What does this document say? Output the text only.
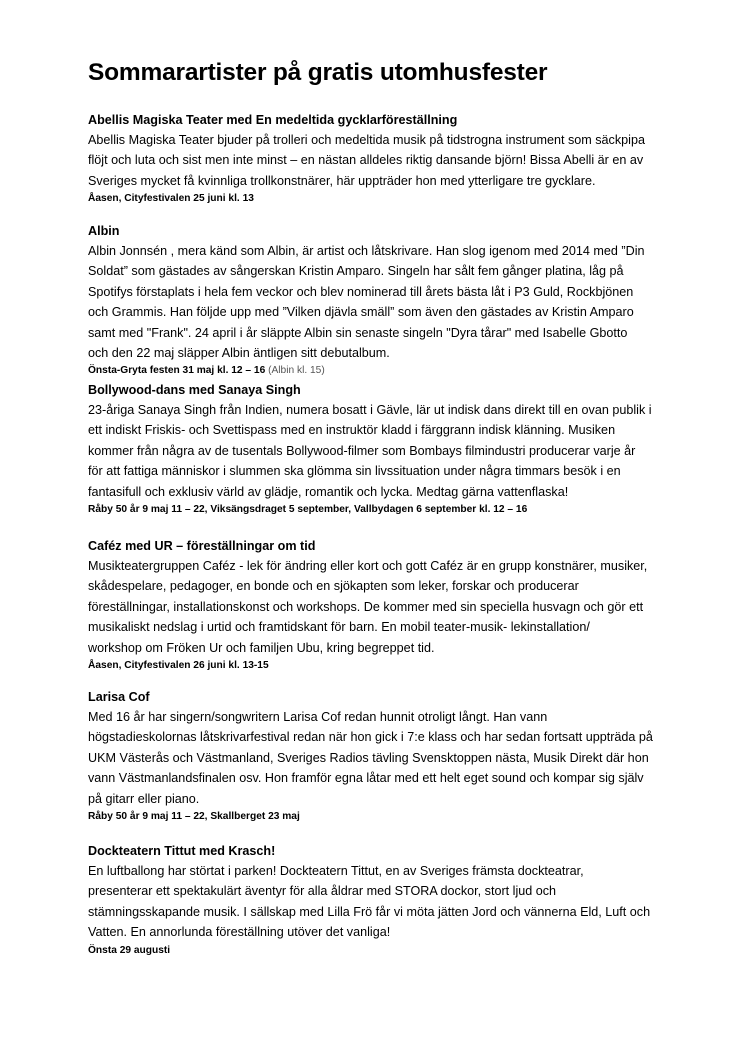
Sommarartister på gratis utomhusfester
Abellis Magiska Teater med En medeltida gycklarföreställning
Abellis Magiska Teater bjuder på trolleri och medeltida musik på tidstrogna instrument som säckpipa
flöjt och luta och sist men inte minst – en nästan alldeles riktig dansande björn! Bissa Abelli är en av
Sveriges mycket få kvinnliga trollkonstnärer, här uppträder hon med ytterligare tre gycklare.
Åasen, Cityfestivalen 25 juni kl. 13
Albin
Albin Jonnsén , mera känd som Albin, är artist och låtskrivare. Han slog igenom med 2014 med ”Din
Soldat” som gästades av sångerskan Kristin Amparo. Singeln har sålt fem gånger platina, låg på
Spotifys förstaplats i hela fem veckor och blev nominerad till årets bästa låt i P3 Guld, Rockbjönen
och Grammis. Han följde upp med ”Vilken djävla smäll” som även den gästades av Kristin Amparo
samt med "Frank". 24 april i år släppte Albin sin senaste singeln "Dyra tårar" med Isabelle Gbotto
och den 22 maj släpper Albin äntligen sitt debutalbum.
Önsta-Gryta festen 31 maj kl. 12 – 16 (Albin kl. 15)
Bollywood-dans med Sanaya Singh
23-åriga Sanaya Singh från Indien, numera bosatt i Gävle, lär ut indisk dans direkt till en ovan publik i
ett indiskt Friskis- och Svettispass med en instruktör kladd i färggrann indisk klänning. Musiken
kommer från några av de tusentals Bollywood-filmer som Bombays filmindustri producerar varje år
för att fattiga människor i slummen ska glömma sin livssituation under några timmars besök i en
fantasifull och exklusiv värld av glädje, romantik och lycka. Medtag gärna vattenflaska!
Råby 50 år 9 maj 11 – 22, Viksängsdraget 5 september, Vallbydagen 6 september kl. 12 – 16
Caféz med UR – föreställningar om tid
Musikteatergruppen Caféz - lek för ändring eller kort och gott Caféz är en grupp konstnärer, musiker,
skådespelare, pedagoger, en bonde och en sjökapten som leker, forskar och producerar
föreställningar, installationskonst och workshops. De kommer med sin speciella husvagn och gör ett
musikaliskt nedslag i urtid och framtidskant för barn. En mobil teater-musik- lekinstallation/
workshop om Fröken Ur och familjen Ubu, kring begreppet tid.
Åasen, Cityfestivalen 26 juni kl. 13-15
Larisa Cof
Med 16 år har singern/songwritern Larisa Cof redan hunnit otroligt långt. Han vann
högstadieskolornas låtskrivarfestival redan när hon gick i 7:e klass och har sedan fortsatt uppträda på
UKM Västerås och Västmanland, Sveriges Radios tävling Svensktoppen nästa, Musik Direkt där hon
vann Västmanlandsfinalen osv. Hon framför egna låtar med ett helt eget sound och kompar sig själv
på gitarr eller piano.
Råby 50 år 9 maj 11 – 22, Skallberget 23 maj
Dockteatern Tittut med Krasch!
En luftballong har störtat i parken! Dockteatern Tittut, en av Sveriges främsta dockteatrar,
presenterar ett spektakulärt äventyr för alla åldrar med STORA dockor, stort ljud och
stämningsskapande musik. I sällskap med Lilla Frö får vi möta jätten Jord och vännerna Eld, Luft och
Vatten. En annorlunda föreställning utöver det vanliga!
Önsta 29 augusti
